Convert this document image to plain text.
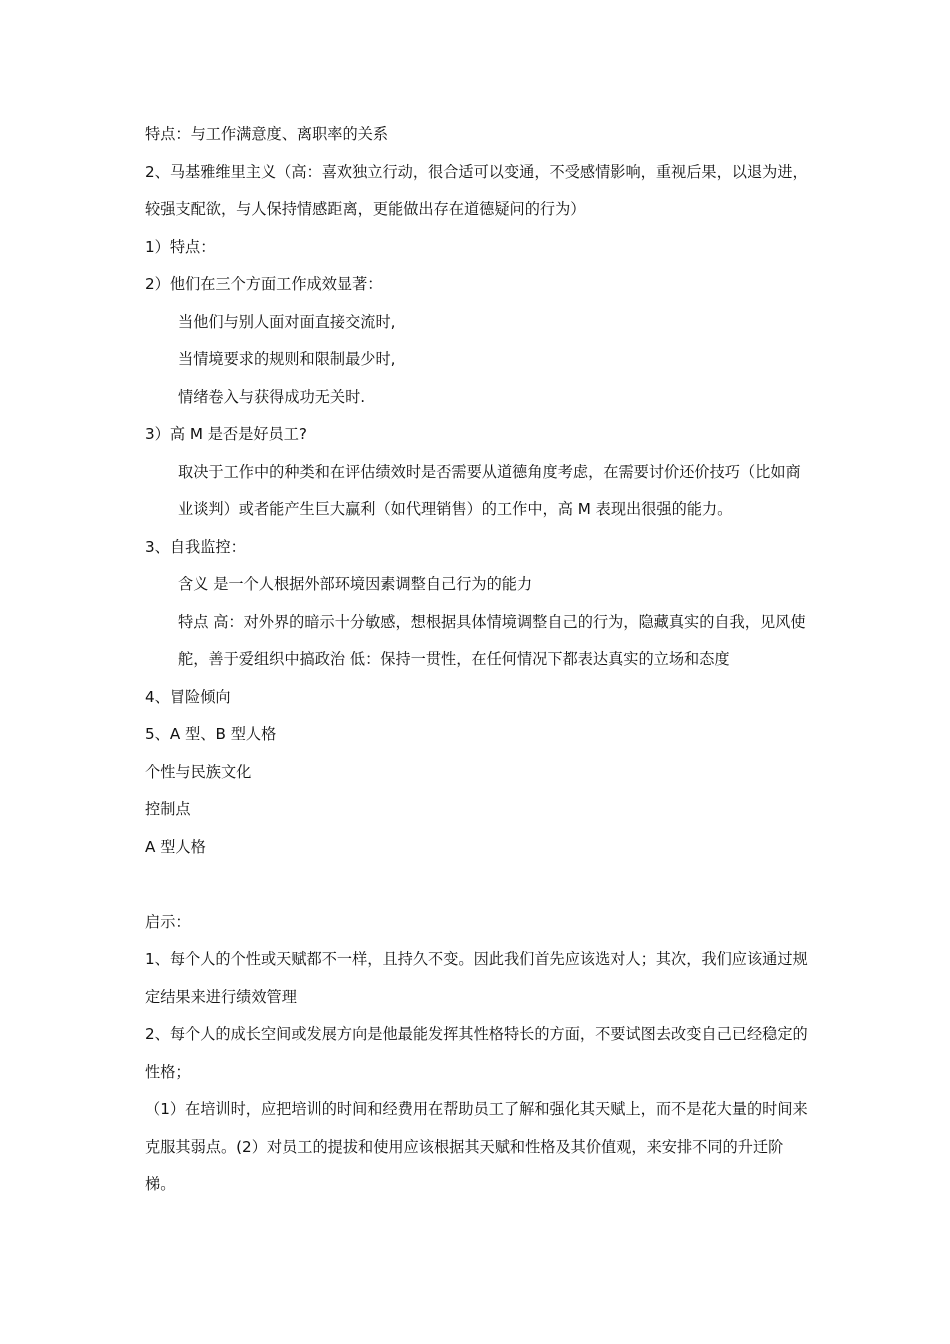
特点：与工作满意度、离职率的关系

2、马基雅维里主义（高：喜欢独立行动，很合适可以变通，不受感情影响，重视后果，以退为进，较强支配欲，与人保持情感距离，更能做出存在道德疑问的行为）

1）特点：

2）他们在三个方面工作成效显著：

当他们与别人面对面直接交流时,

当情境要求的规则和限制最少时,

情绪卷入与获得成功无关时.

3）高 M 是否是好员工?

取决于工作中的种类和在评估绩效时是否需要从道德角度考虑，在需要讨价还价技巧（比如商业谈判）或者能产生巨大赢利（如代理销售）的工作中，高 M 表现出很强的能力。

3、自我监控：

含义 是一个人根据外部环境因素调整自己行为的能力

特点 高：对外界的暗示十分敏感，想根据具体情境调整自己的行为，隐藏真实的自我，见风使舵，善于爱组织中搞政治 低：保持一贯性，在任何情况下都表达真实的立场和态度

4、冒险倾向

5、A 型、B 型人格

个性与民族文化

控制点

A 型人格

启示：

1、每个人的个性或天赋都不一样，且持久不变。因此我们首先应该选对人；其次，我们应该通过规定结果来进行绩效管理

2、每个人的成长空间或发展方向是他最能发挥其性格特长的方面，不要试图去改变自己已经稳定的性格；

（1）在培训时，应把培训的时间和经费用在帮助员工了解和强化其天赋上，而不是花大量的时间来克服其弱点。(2）对员工的提拔和使用应该根据其天赋和性格及其价值观，来安排不同的升迁阶梯。
